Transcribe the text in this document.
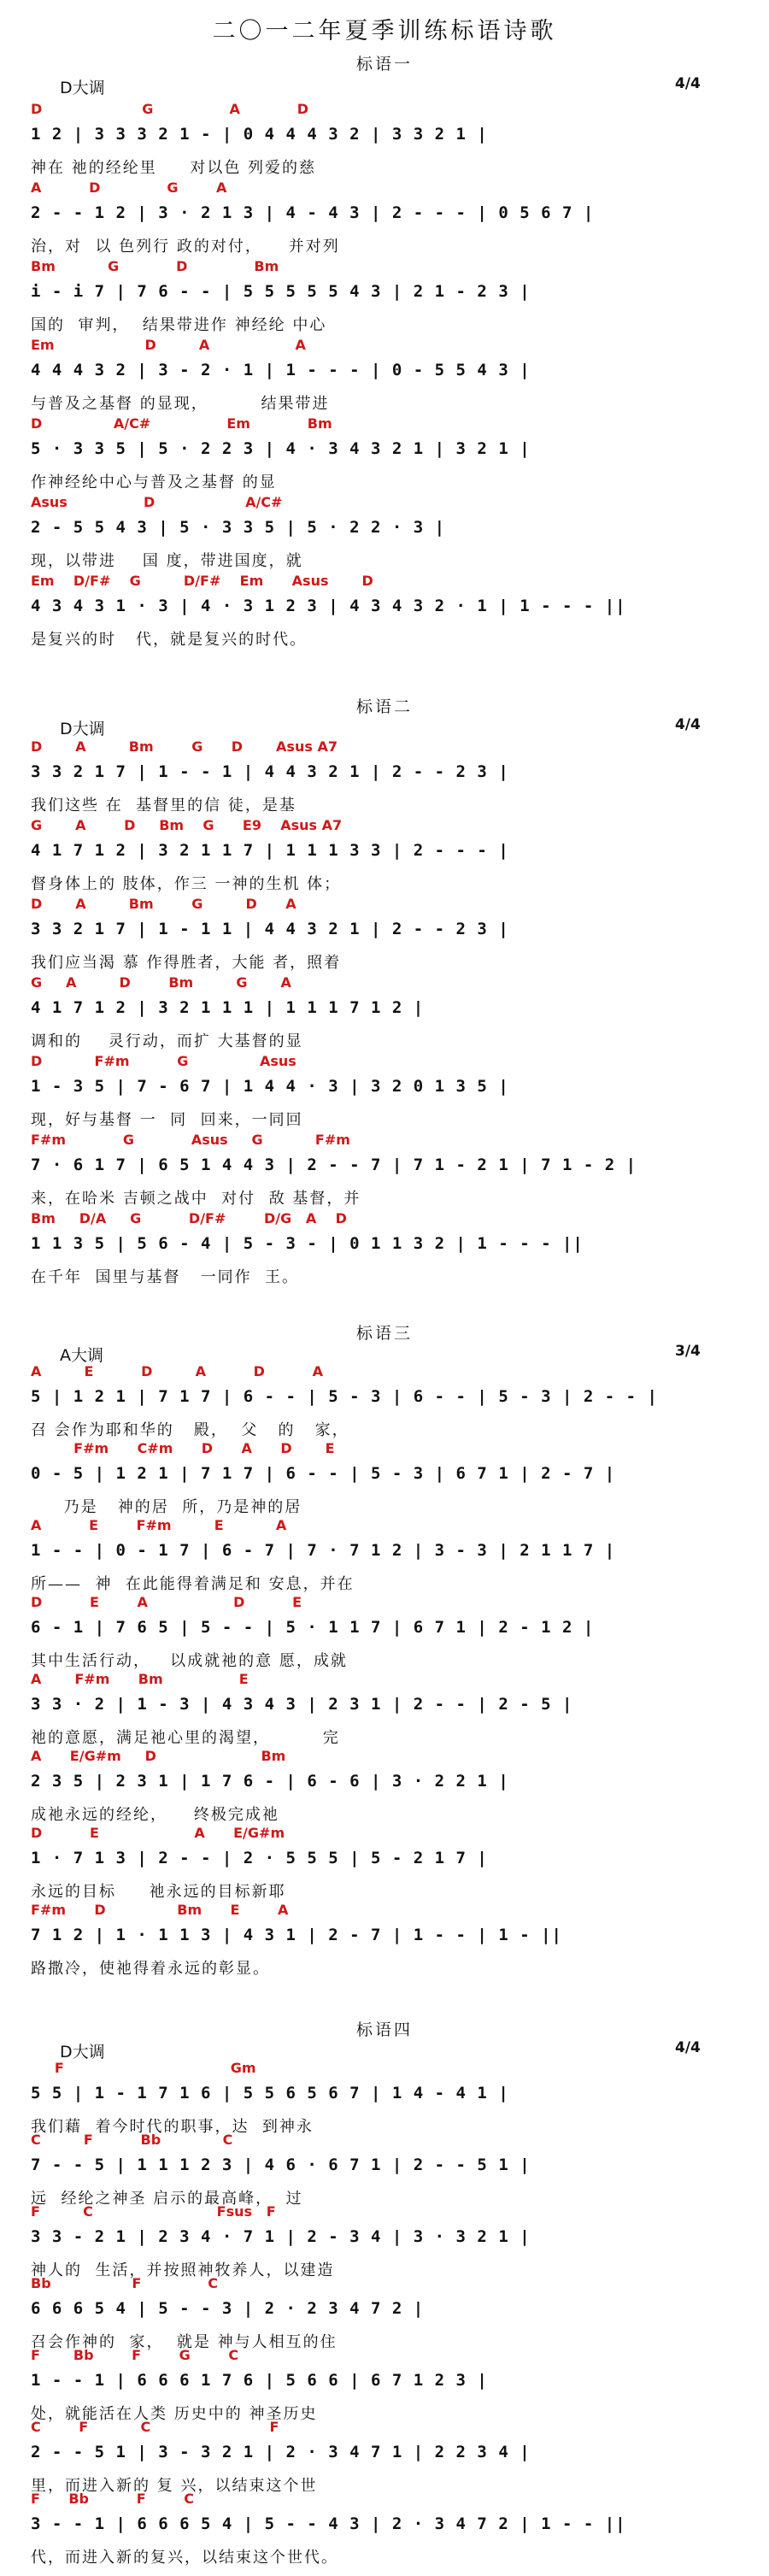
二〇一二年夏季训练标语诗歌
标语一
D大调	4/4
D                     G                A            D
1 2 | 3 3 3 2 1 - | 0 4 4 4 3 2 | 3 3 2 1 |
神在 祂的经纶里     对以色 列爱的慈
A          D              G        A
2 - - 1 2 | 3 · 2 1 3 | 4 - 4 3 | 2 - - - | 0 5 6 7 |
治，对  以 色列行 政的对付，    并对列
Bm           G            D              Bm
i - i 7 | 7 6 - - | 5 5 5 5 5 4 3 | 2 1 - 2 3 |
国的  审判，  结果带进作 神经纶 中心
Em                   D         A                  A
4 4 4 3 2 | 3 - 2 · 1 | 1 - - - | 0 - 5 5 4 3 |
与普及之基督 的显现，        结果带进
D               A/C#                Em            Bm
5 · 3 3 5 | 5 · 2 2 3 | 4 · 3 4 3 2 1 | 3 2 1 |
作神经纶中心与普及之基督 的显
Asus                D                   A/C#
2 - 5 5 4 3 | 5 · 3 3 5 | 5 · 2 2 · 3 |
现，以带进    国 度，带进国度，就
Em    D/F#    G         D/F#    Em      Asus       D
4 3 4 3 1 · 3 | 4 · 3 1 2 3 | 4 3 4 3 2 · 1 | 1 - - - ||
是复兴的时   代，就是复兴的时代。
标语二
D大调	4/4
D       A         Bm        G      D       Asus A7
3 3 2 1 7 | 1 - - 1 | 4 4 3 2 1 | 2 - - 2 3 |
我们这些 在  基督里的信 徒，是基
G       A        D     Bm    G      E9    Asus A7
4 1 7 1 2 | 3 2 1 1 7 | 1 1 1 3 3 | 2 - - - |
督身体上的 肢体，作三 一神的生机 体；
D       A         Bm        G         D      A
3 3 2 1 7 | 1 - 1 1 | 4 4 3 2 1 | 2 - - 2 3 |
我们应当渴 慕 作得胜者，大能 者，照着
G     A         D        Bm         G       A
4 1 7 1 2 | 3 2 1 1 1 | 1 1 1 7 1 2 |
调和的    灵行动，而扩 大基督的显
D           F#m          G               Asus
1 - 3 5 | 7 - 6 7 | 1 4 4 · 3 | 3 2 0 1 3 5 |
现，好与基督 一  同  回来，一同回
F#m            G            Asus     G           F#m
7 · 6 1 7 | 6 5 1 4 4 3 | 2 - - 7 | 7 1 - 2 1 | 7 1 - 2 |
来，在哈米 吉顿之战中  对付  敌 基督，并
Bm     D/A     G          D/F#        D/G   A    D
1 1 3 5 | 5 6 - 4 | 5 - 3 - | 0 1 1 3 2 | 1 - - - ||
在千年  国里与基督   一同作  王。
标语三
A大调	3/4
A         E          D         A          D          A
5 | 1 2 1 | 7 1 7 | 6 - - | 5 - 3 | 6 - - | 5 - 3 | 2 - - |
召 会作为耶和华的   殿，  父   的   家，
F#m      C#m      D      A      D       E
0 - 5 | 1 2 1 | 7 1 7 | 6 - - | 5 - 3 | 6 7 1 | 2 - 7 |
乃是   神的居  所，乃是神的居
A          E        F#m         E           A
1 - - | 0 - 1 7 | 6 - 7 | 7 · 7 1 2 | 3 - 3 | 2 1 1 7 |
所——  神  在此能得着满足和 安息，并在
D          E        A                  D          E
6 - 1 | 7 6 5 | 5 - - | 5 · 1 1 7 | 6 7 1 | 2 - 1 2 |
其中生活行动，   以成就祂的意 愿，成就
A       F#m      Bm                E
3 3 · 2 | 1 - 3 | 4 3 4 3 | 2 3 1 | 2 - - | 2 - 5 |
祂的意愿，满足祂心里的渴望，        完
A      E/G#m     D                      Bm
2 3 5 | 2 3 1 | 1 7 6 - | 6 - 6 | 3 · 2 2 1 |
成祂永远的经纶，    终极完成祂
D          E                    A      E/G#m
1 · 7 1 3 | 2 - - | 2 · 5 5 5 | 5 - 2 1 7 |
永远的目标     祂永远的目标新耶
F#m      D               Bm      E        A
7 1 2 | 1 · 1 1 3 | 4 3 1 | 2 - 7 | 1 - - | 1 - ||
路撒冷，使祂得着永远的彰显。
标语四
D大调	4/4
F                                   Gm
5 5 | 1 - 1 7 1 6 | 5 5 6 5 6 7 | 1 4 - 4 1 |
我们藉  着今时代的职事，达  到神永
C         F          Bb             C
7 - - 5 | 1 1 1 2 3 | 4 6 · 6 7 1 | 2 - - 5 1 |
远  经纶之神圣 启示的最高峰，  过
F         C                          Fsus   F
3 3 - 2 1 | 2 3 4 · 7 1 | 2 - 3 4 | 3 · 3 2 1 |
神人的  生活，并按照神牧养人，以建造
Bb                 F              C
6 6 6 5 4 | 5 - - 3 | 2 · 2 3 4 7 2 |
召会作神的  家，  就是 神与人相互的住
F       Bb        F        G        C
1 - - 1 | 6 6 6 1 7 6 | 5 6 6 | 6 7 1 2 3 |
处，就能活在人类 历史中的 神圣历史
C        F           C                         F
2 - - 5 1 | 3 - 3 2 1 | 2 · 3 4 7 1 | 2 2 3 4 |
里，而进入新的 复 兴，以结束这个世
F      Bb          F        C
3 - - 1 | 6 6 6 5 4 | 5 - - 4 3 | 2 · 3 4 7 2 | 1 - - ||
代，而进入新的复兴，以结束这个世代。
